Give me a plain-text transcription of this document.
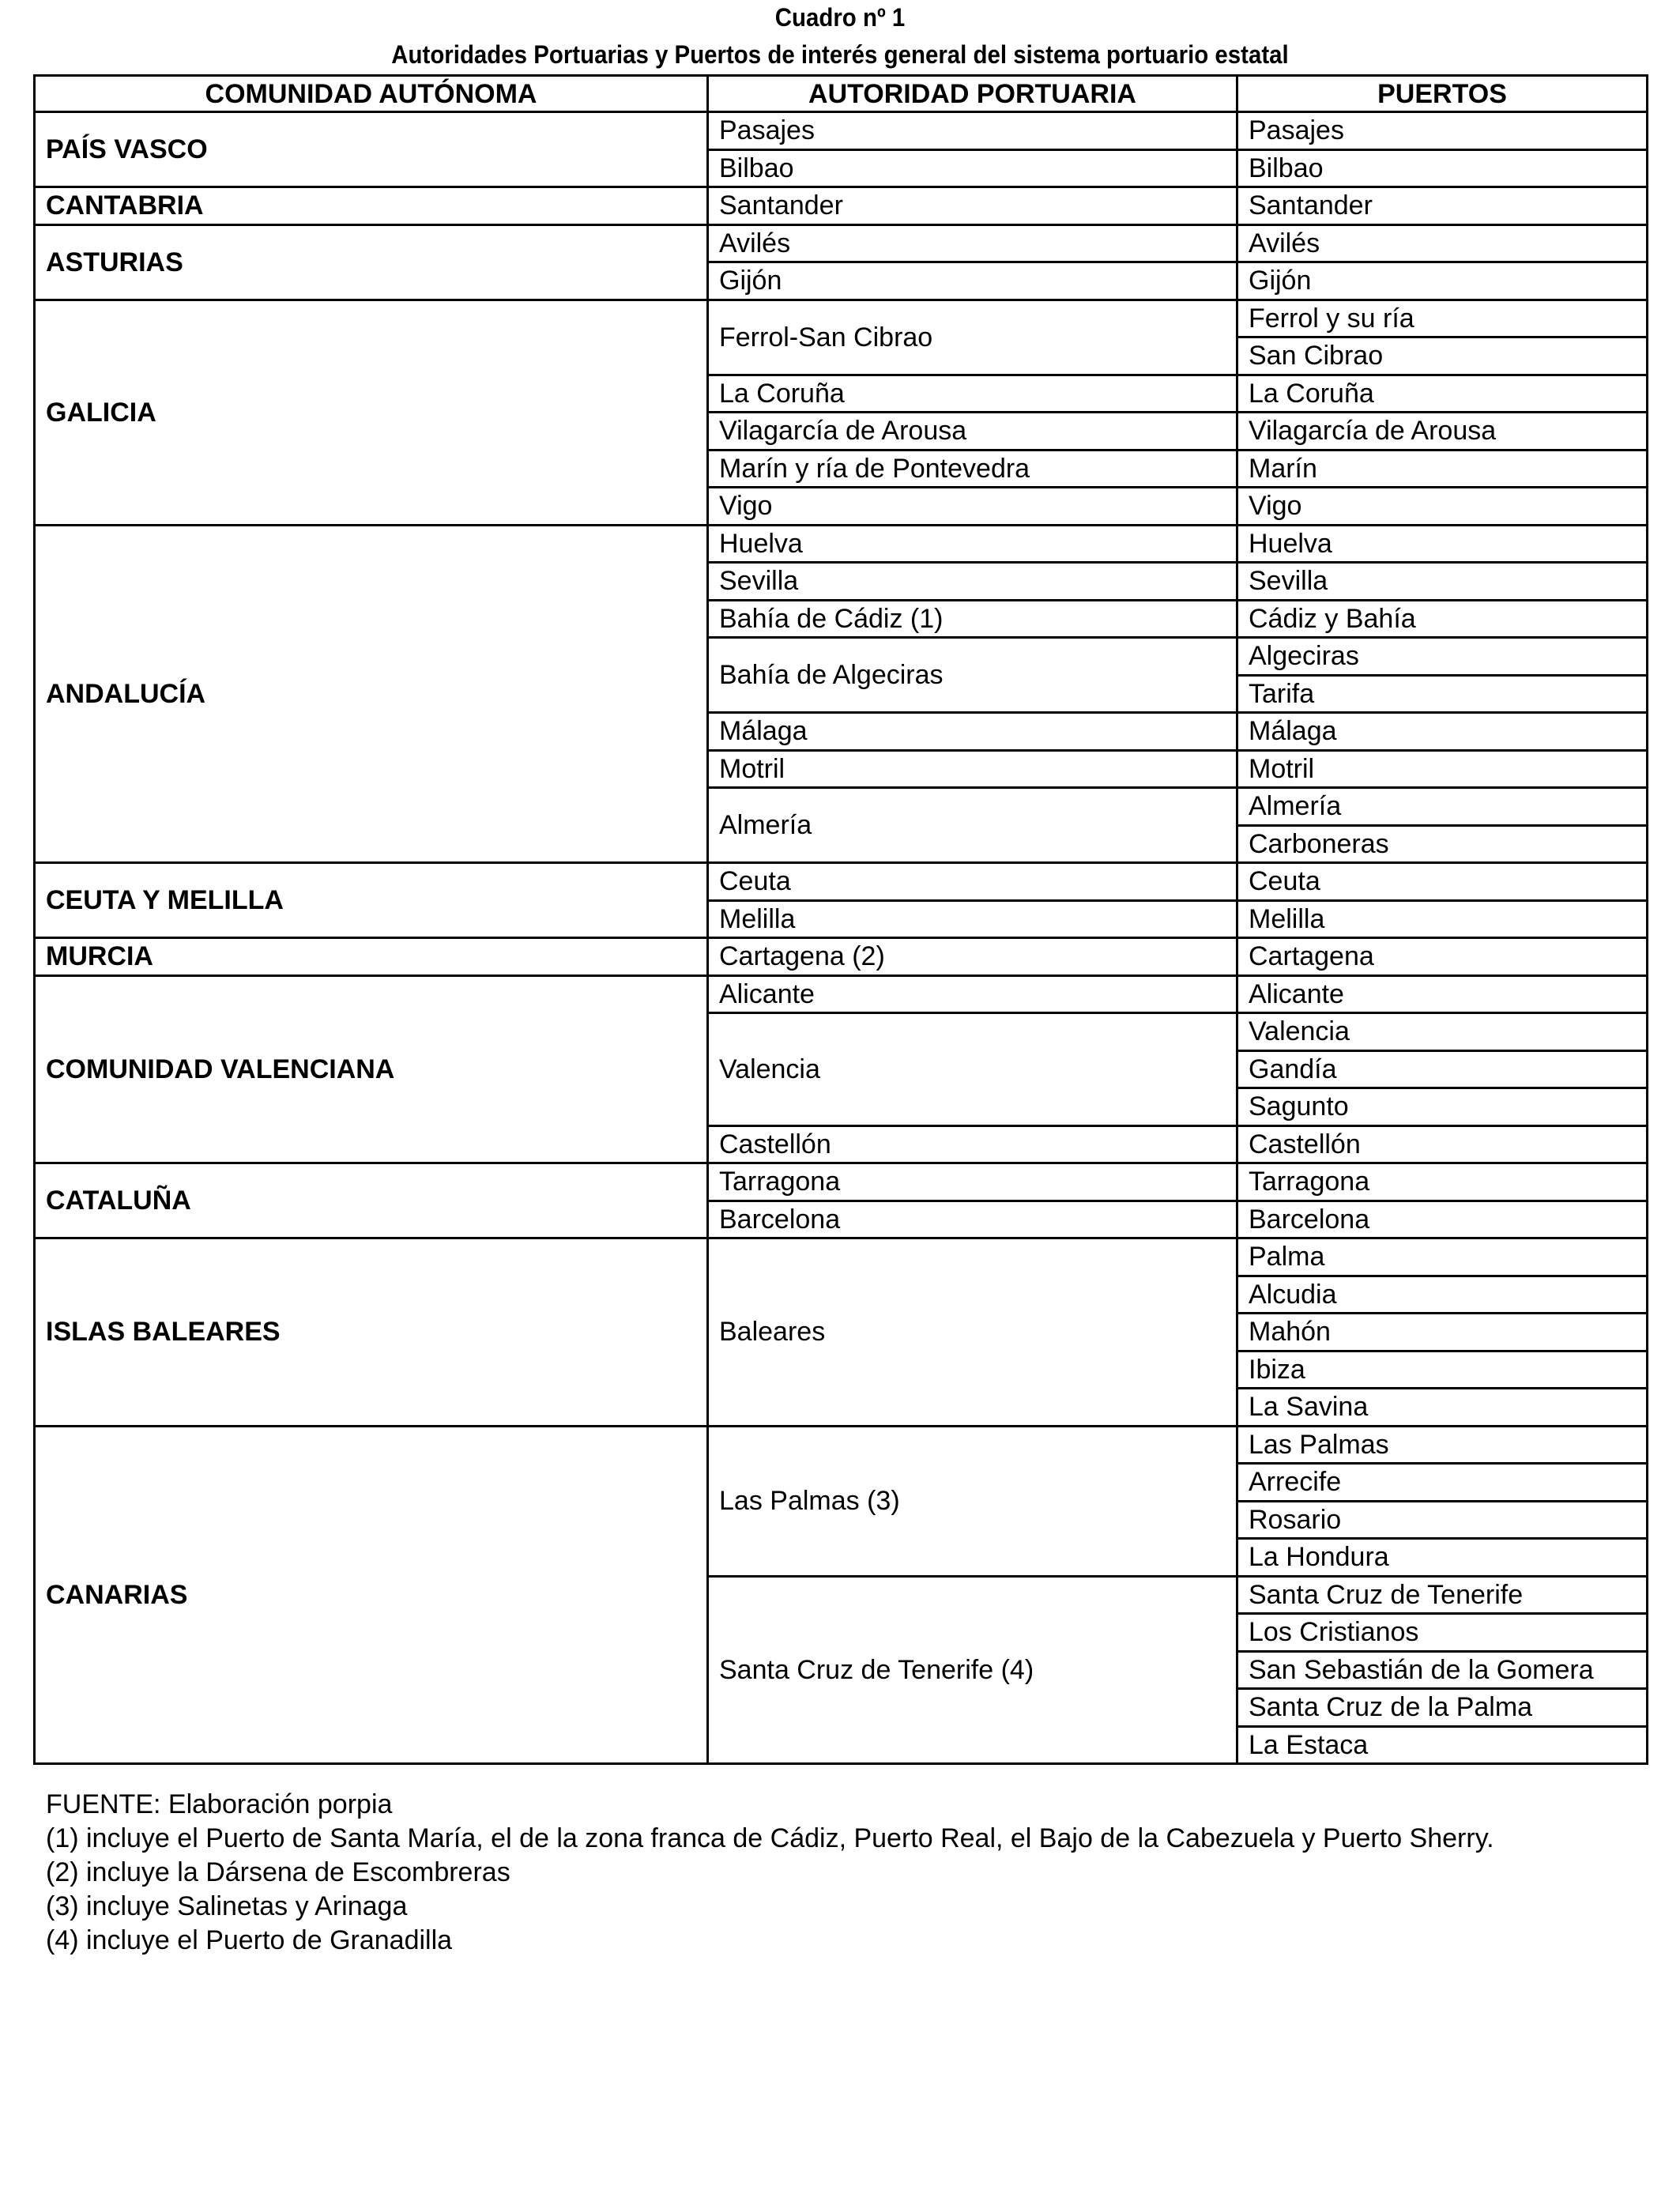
Cuadro nº 1
Autoridades Portuarias y Puertos de interés general del sistema portuario estatal
COMUNIDAD AUTÓNOMA	AUTORIDAD PORTUARIA	PUERTOS
PAÍS VASCO	Pasajes	Pasajes
	Bilbao	Bilbao
CANTABRIA	Santander	Santander
ASTURIAS	Avilés	Avilés
	Gijón	Gijón
GALICIA	Ferrol-San Cibrao	Ferrol y su ría
		San Cibrao
	La Coruña	La Coruña
	Vilagarcía de Arousa	Vilagarcía de Arousa
	Marín y ría de Pontevedra	Marín
	Vigo	Vigo
ANDALUCÍA	Huelva	Huelva
	Sevilla	Sevilla
	Bahía de Cádiz (1)	Cádiz y Bahía
	Bahía de Algeciras	Algeciras
		Tarifa
	Málaga	Málaga
	Motril	Motril
	Almería	Almería
		Carboneras
CEUTA Y MELILLA	Ceuta	Ceuta
	Melilla	Melilla
MURCIA	Cartagena (2)	Cartagena
COMUNIDAD VALENCIANA	Alicante	Alicante
	Valencia	Valencia
		Gandía
		Sagunto
	Castellón	Castellón
CATALUÑA	Tarragona	Tarragona
	Barcelona	Barcelona
ISLAS BALEARES	Baleares	Palma
		Alcudia
		Mahón
		Ibiza
		La Savina
CANARIAS	Las Palmas (3)	Las Palmas
		Arrecife
		Rosario
		La Hondura
	Santa Cruz de Tenerife (4)	Santa Cruz de Tenerife
		Los Cristianos
		San Sebastián de la Gomera
		Santa Cruz de la Palma
		La Estaca
FUENTE: Elaboración porpia
(1) incluye el Puerto de Santa María, el de la zona franca de Cádiz, Puerto Real, el Bajo de la Cabezuela y Puerto Sherry.
(2) incluye la Dársena de Escombreras
(3) incluye Salinetas y Arinaga
(4) incluye el Puerto de Granadilla
